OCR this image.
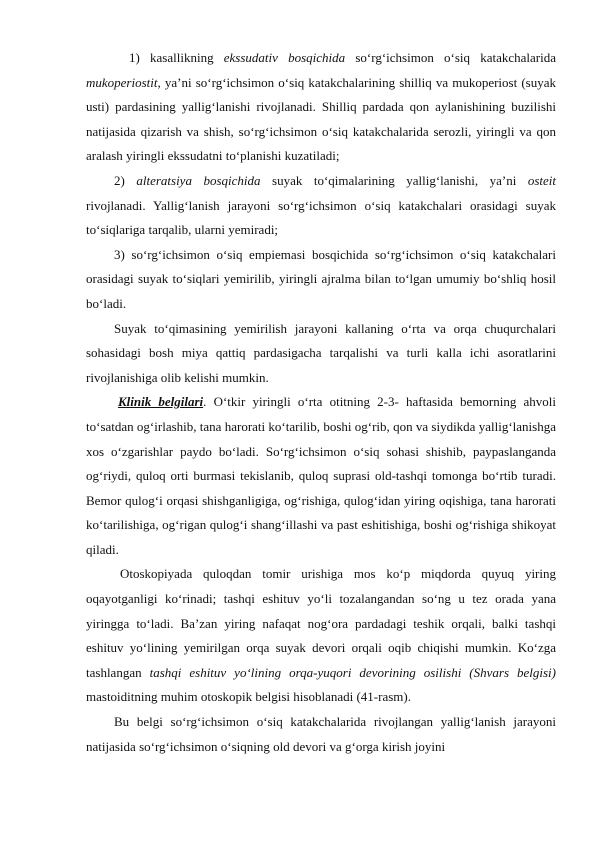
1) kasallikning ekssudativ bosqichida so‘rg‘ichsimon o‘siq katakchalarida mukoperiostit, ya’ni so‘rg‘ichsimon o‘siq katakchalarining shilliq va mukoperiost (suyak usti) pardasining yallig‘lanishi rivojlanadi. Shilliq pardada qon aylanishining buzilishi natijasida qizarish va shish, so‘rg‘ichsimon o‘siq katakchalarida serozli, yiringli va qon aralash yiringli ekssudatni to‘planishi kuzatiladi;

2) alteratsiya bosqichida suyak to‘qimalarining yallig‘lanishi, ya’ni osteit rivojlanadi. Yallig‘lanish jarayoni so‘rg‘ichsimon o‘siq katakchalari orasidagi suyak to‘siqlariga tarqalib, ularni yemiradi;

3) so‘rg‘ichsimon o‘siq empiemasi bosqichida so‘rg‘ichsimon o‘siq katakchalari orasidagi suyak to‘siqlari yemirilib, yiringli ajralma bilan to‘lgan umumiy bo‘shliq hosil bo‘ladi.

Suyak to‘qimasining yemirilish jarayoni kallaning o‘rta va orqa chuqurchalari sohasidagi bosh miya qattiq pardasigacha tarqalishi va turli kalla ichi asoratlarini rivojlanishiga olib kelishi mumkin.

Klinik belgilari. O‘tkir yiringli o‘rta otitning 2-3- haftasida bemorning ahvoli to‘satdan og‘irlashib, tana harorati ko‘tarilib, boshi og‘rib, qon va siydikda yallig‘lanishga xos o‘zgarishlar paydo bo‘ladi. So‘rg‘ichsimon o‘siq sohasi shishib, paypaslanganda og‘riydi, quloq orti burmasi tekislanib, quloq suprasi old-tashqi tomonga bo‘rtib turadi. Bemor qulog‘i orqasi shishganligiga, og‘rishiga, qulog‘idan yiring oqishiga, tana harorati ko‘tarilishiga, og‘rigan qulog‘i shang‘illashi va past eshitishiga, boshi og‘rishiga shikoyat qiladi.

Otoskopiyada quloqdan tomir urishiga mos ko‘p miqdorda quyuq yiring oqayotganligi ko‘rinadi; tashqi eshituv yo‘li tozalangandan so‘ng u tez orada yana yiringga to‘ladi. Ba’zan yiring nafaqat nog‘ora pardadagi teshik orqali, balki tashqi eshituv yo‘lining yemirilgan orqa suyak devori orqali oqib chiqishi mumkin. Ko‘zga tashlangan tashqi eshituv yo‘lining orqa-yuqori devorining osilishi (Shvars belgisi) mastoiditning muhim otoskopik belgisi hisoblanadi (41-rasm).

Bu belgi so‘rg‘ichsimon o‘siq katakchalarida rivojlangan yallig‘lanish jarayoni natijasida so‘rg‘ichsimon o‘siqning old devori va g‘orga kirish joyini
